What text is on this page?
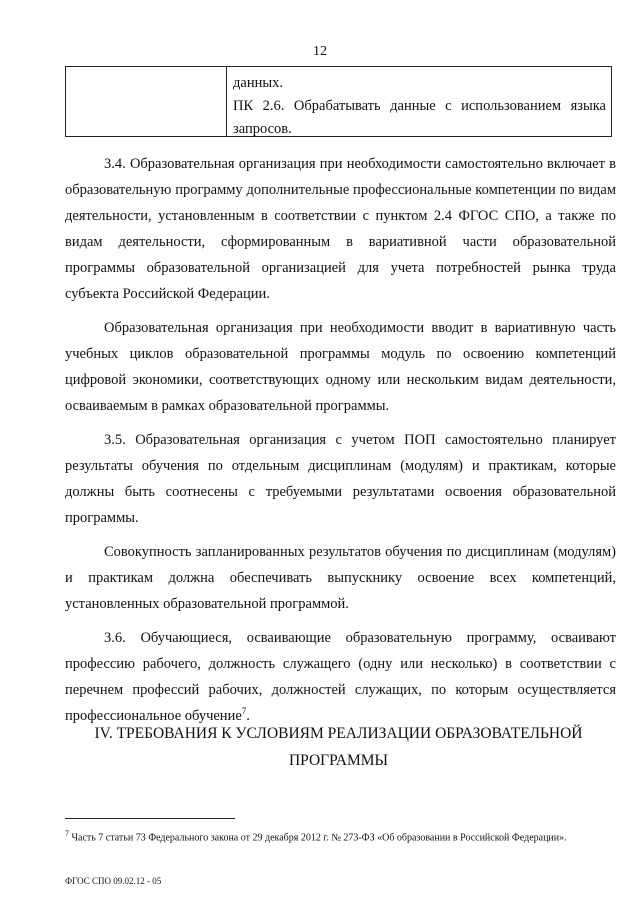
12
данных.
ПК 2.6. Обрабатывать данные с использованием языка
запросов.

3.4. Образовательная организация при необходимости самостоятельно включает в образовательную программу дополнительные профессиональные компетенции по видам деятельности, установленным в соответствии с пунктом 2.4 ФГОС СПО, а также по видам деятельности, сформированным в вариативной части образовательной программы образовательной организацией для учета потребностей рынка труда субъекта Российской Федерации.

Образовательная организация при необходимости вводит в вариативную часть учебных циклов образовательной программы модуль по освоению компетенций цифровой экономики, соответствующих одному или нескольким видам деятельности, осваиваемым в рамках образовательной программы.

3.5. Образовательная организация с учетом ПОП самостоятельно планирует результаты обучения по отдельным дисциплинам (модулям) и практикам, которые должны быть соотнесены с требуемыми результатами освоения образовательной программы.

Совокупность запланированных результатов обучения по дисциплинам (модулям) и практикам должна обеспечивать выпускнику освоение всех компетенций, установленных образовательной программой.

3.6. Обучающиеся, осваивающие образовательную программу, осваивают профессию рабочего, должность служащего (одну или несколько) в соответствии с перечнем профессий рабочих, должностей служащих, по которым осуществляется профессиональное обучение$^7$.

IV. ТРЕБОВАНИЯ К УСЛОВИЯМ РЕАЛИЗАЦИИ ОБРАЗОВАТЕЛЬНОЙ
ПРОГРАММЫ
$^7$ Часть 7 статьи 73 Федерального закона от 29 декабря 2012 г. № 273-ФЗ «Об образовании в Российской Федерации».
ФГОС СПО 09.02.12 - 05
